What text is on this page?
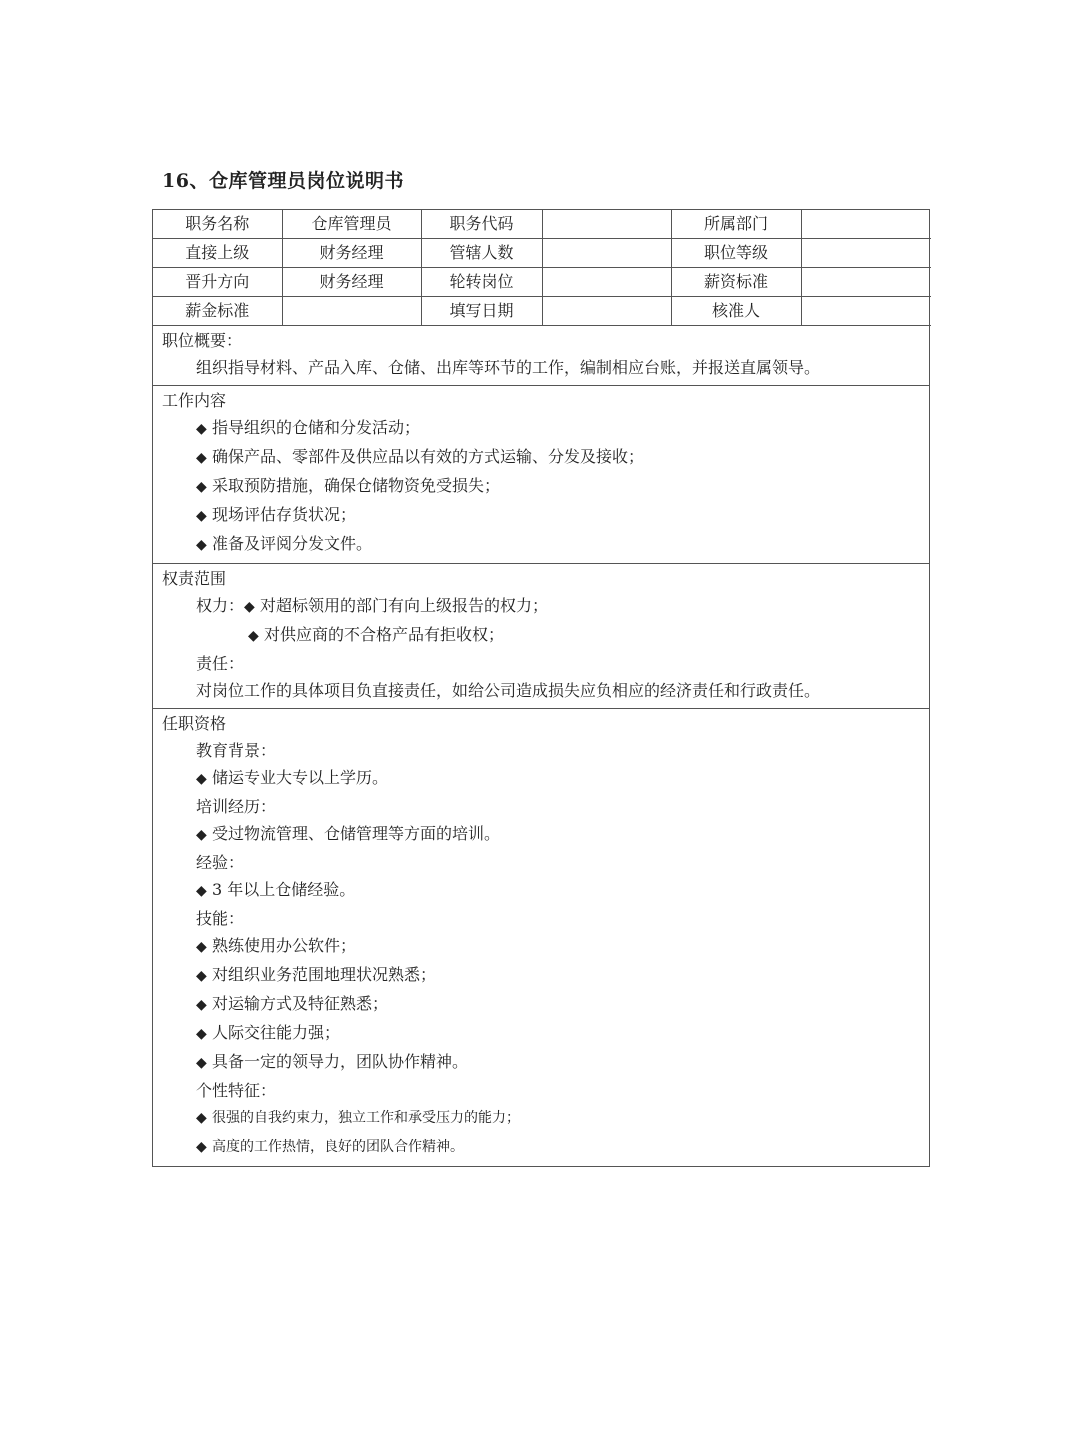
16、仓库管理员岗位说明书
职务名称	仓库管理员	职务代码		所属部门	
直接上级	财务经理	管辖人数		职位等级	
晋升方向	财务经理	轮转岗位		薪资标准	
薪金标准		填写日期		核准人	
职位概要：
组织指导材料、产品入库、仓储、出库等环节的工作，编制相应台账，并报送直属领导。
工作内容
◆ 指导组织的仓储和分发活动；
◆ 确保产品、零部件及供应品以有效的方式运输、分发及接收；
◆ 采取预防措施，确保仓储物资免受损失；
◆ 现场评估存货状况；
◆ 准备及评阅分发文件。
权责范围
权力：◆ 对超标领用的部门有向上级报告的权力；
◆ 对供应商的不合格产品有拒收权；
责任：
对岗位工作的具体项目负直接责任，如给公司造成损失应负相应的经济责任和行政责任。
任职资格
教育背景：
◆ 储运专业大专以上学历。
培训经历：
◆ 受过物流管理、仓储管理等方面的培训。
经验：
◆ 3 年以上仓储经验。
技能：
◆ 熟练使用办公软件；
◆ 对组织业务范围地理状况熟悉；
◆ 对运输方式及特征熟悉；
◆ 人际交往能力强；
◆ 具备一定的领导力，团队协作精神。
个性特征：
◆ 很强的自我约束力，独立工作和承受压力的能力；
◆ 高度的工作热情，良好的团队合作精神。
